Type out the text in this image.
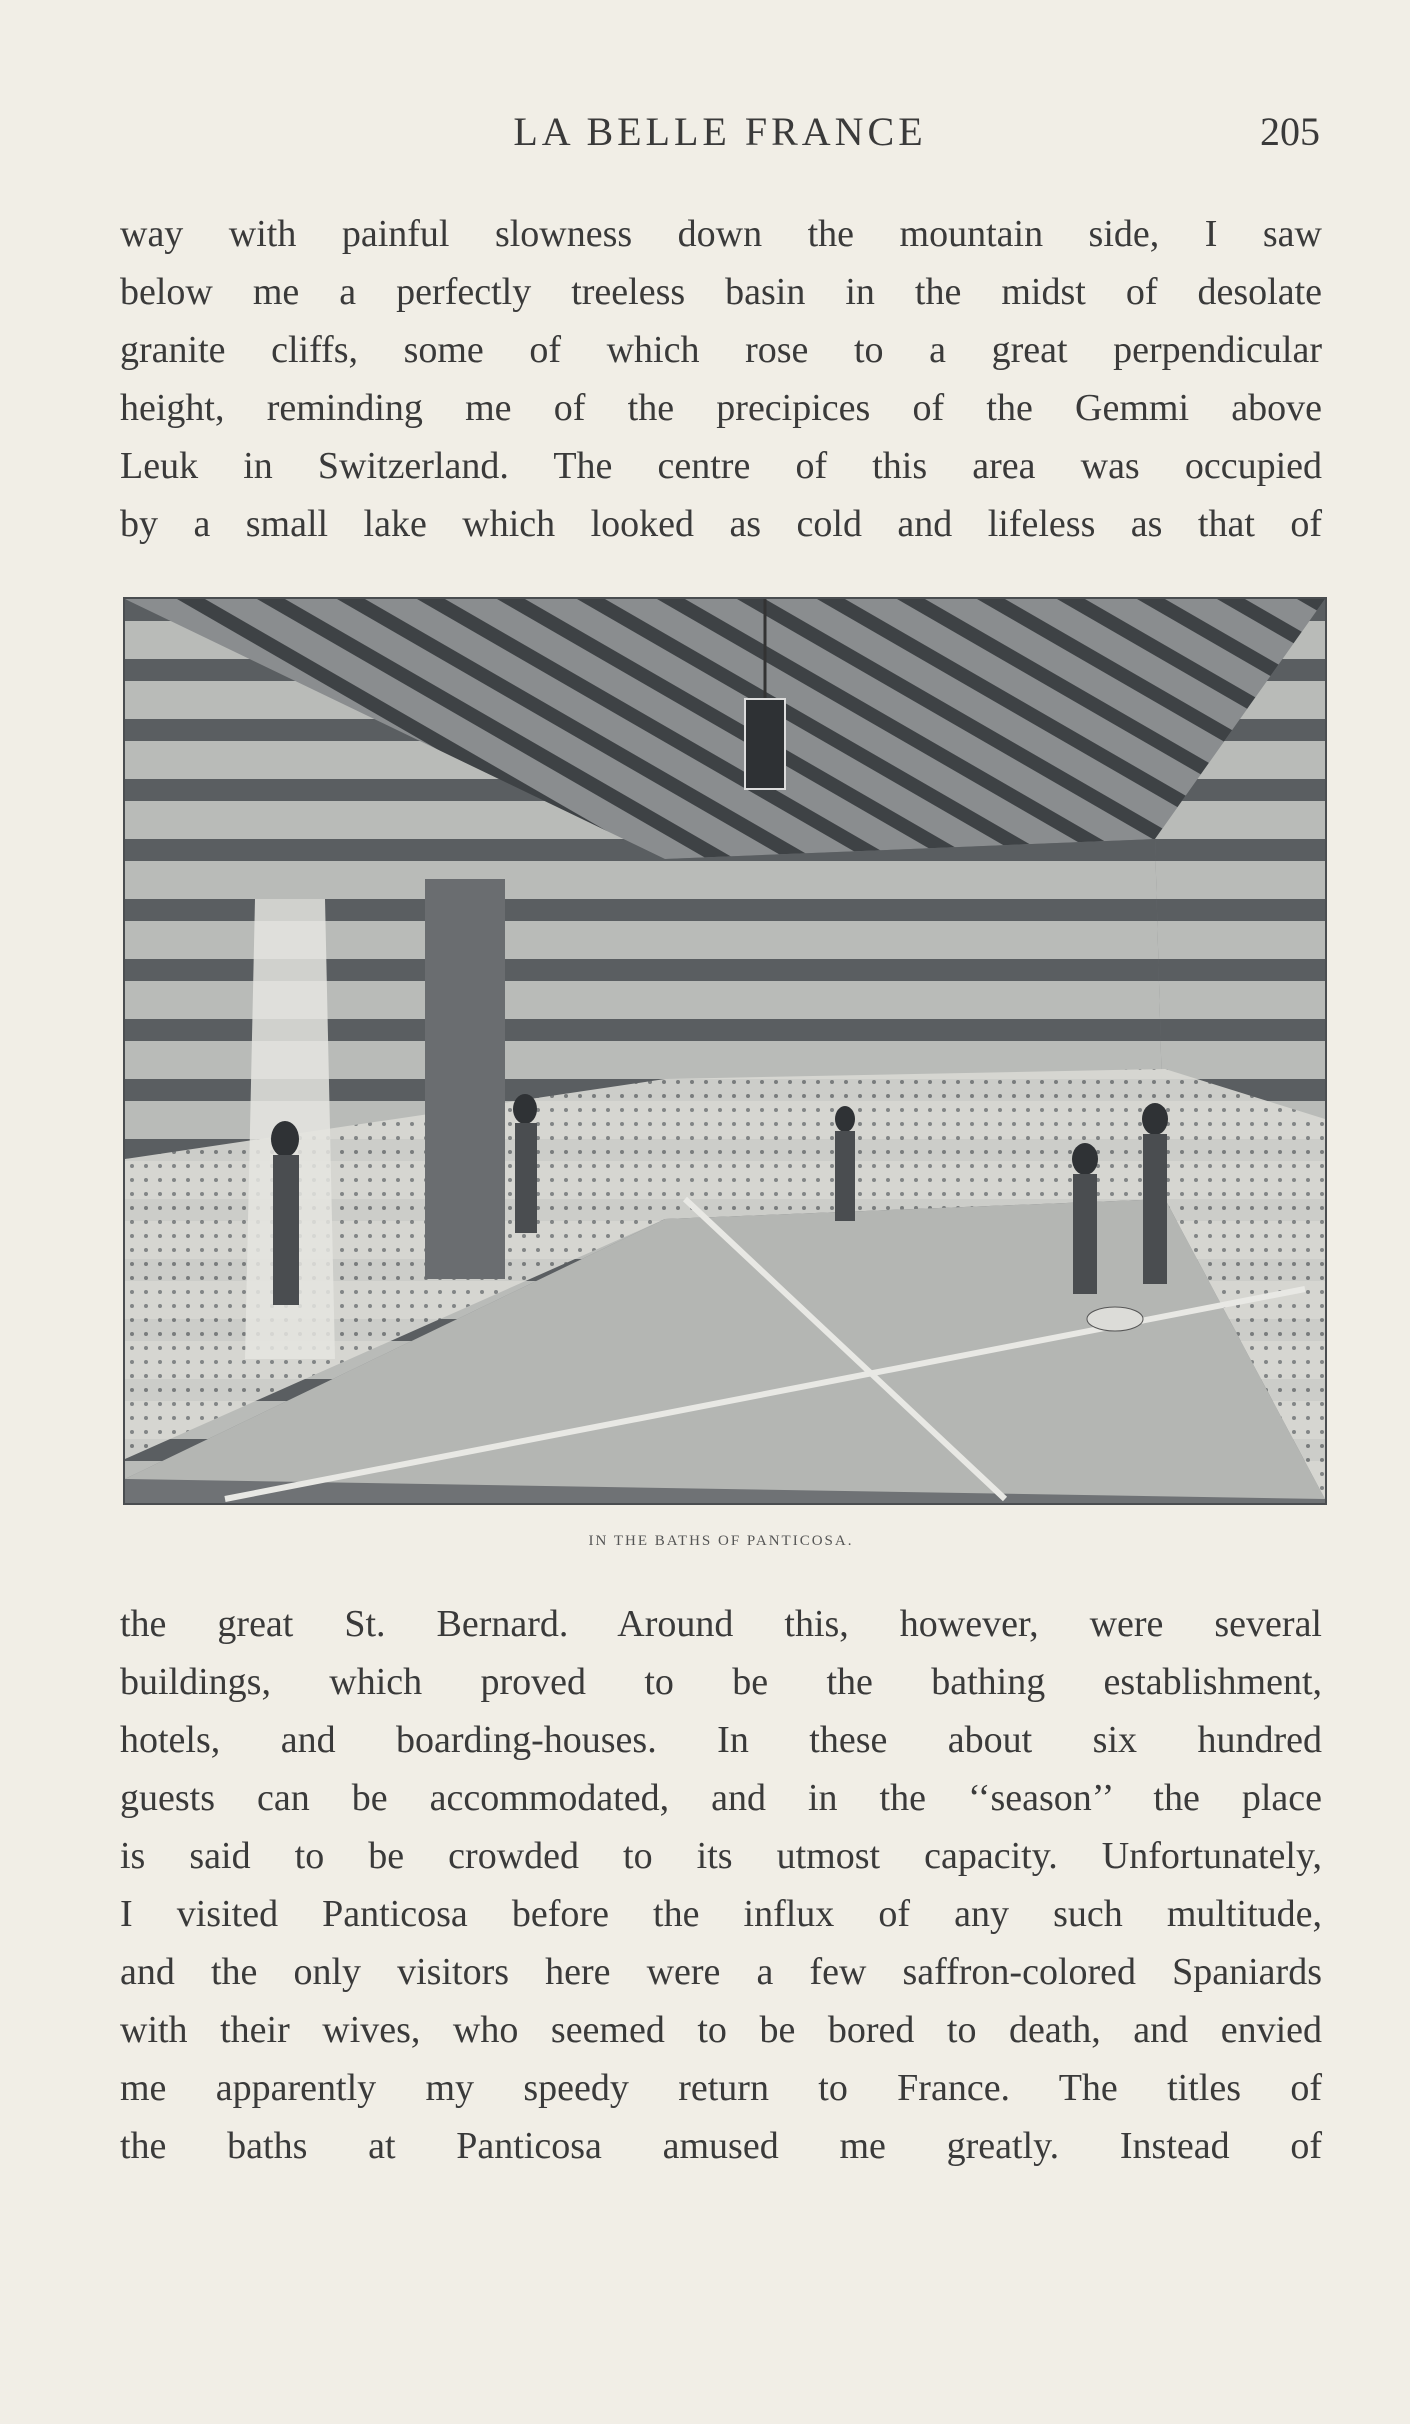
LA BELLE FRANCE	205
way with painful slowness down the mountain side, I saw
below me a perfectly treeless basin in the midst of desolate
granite cliffs, some of which rose to a great perpendicular
height, reminding me of the precipices of the Gemmi above
Leuk in Switzerland. The centre of this area was occupied
by a small lake which looked as cold and lifeless as that of
IN THE BATHS OF PANTICOSA.
the great St. Bernard. Around this, however, were several
buildings, which proved to be the bathing establishment,
hotels, and boarding-houses. In these about six hundred
guests can be accommodated, and in the ‘‘season’’ the place
is said to be crowded to its utmost capacity. Unfortunately,
I visited Panticosa before the influx of any such multitude,
and the only visitors here were a few saffron-colored Spaniards
with their wives, who seemed to be bored to death, and envied
me apparently my speedy return to France. The titles of
the baths at Panticosa amused me greatly. Instead of
